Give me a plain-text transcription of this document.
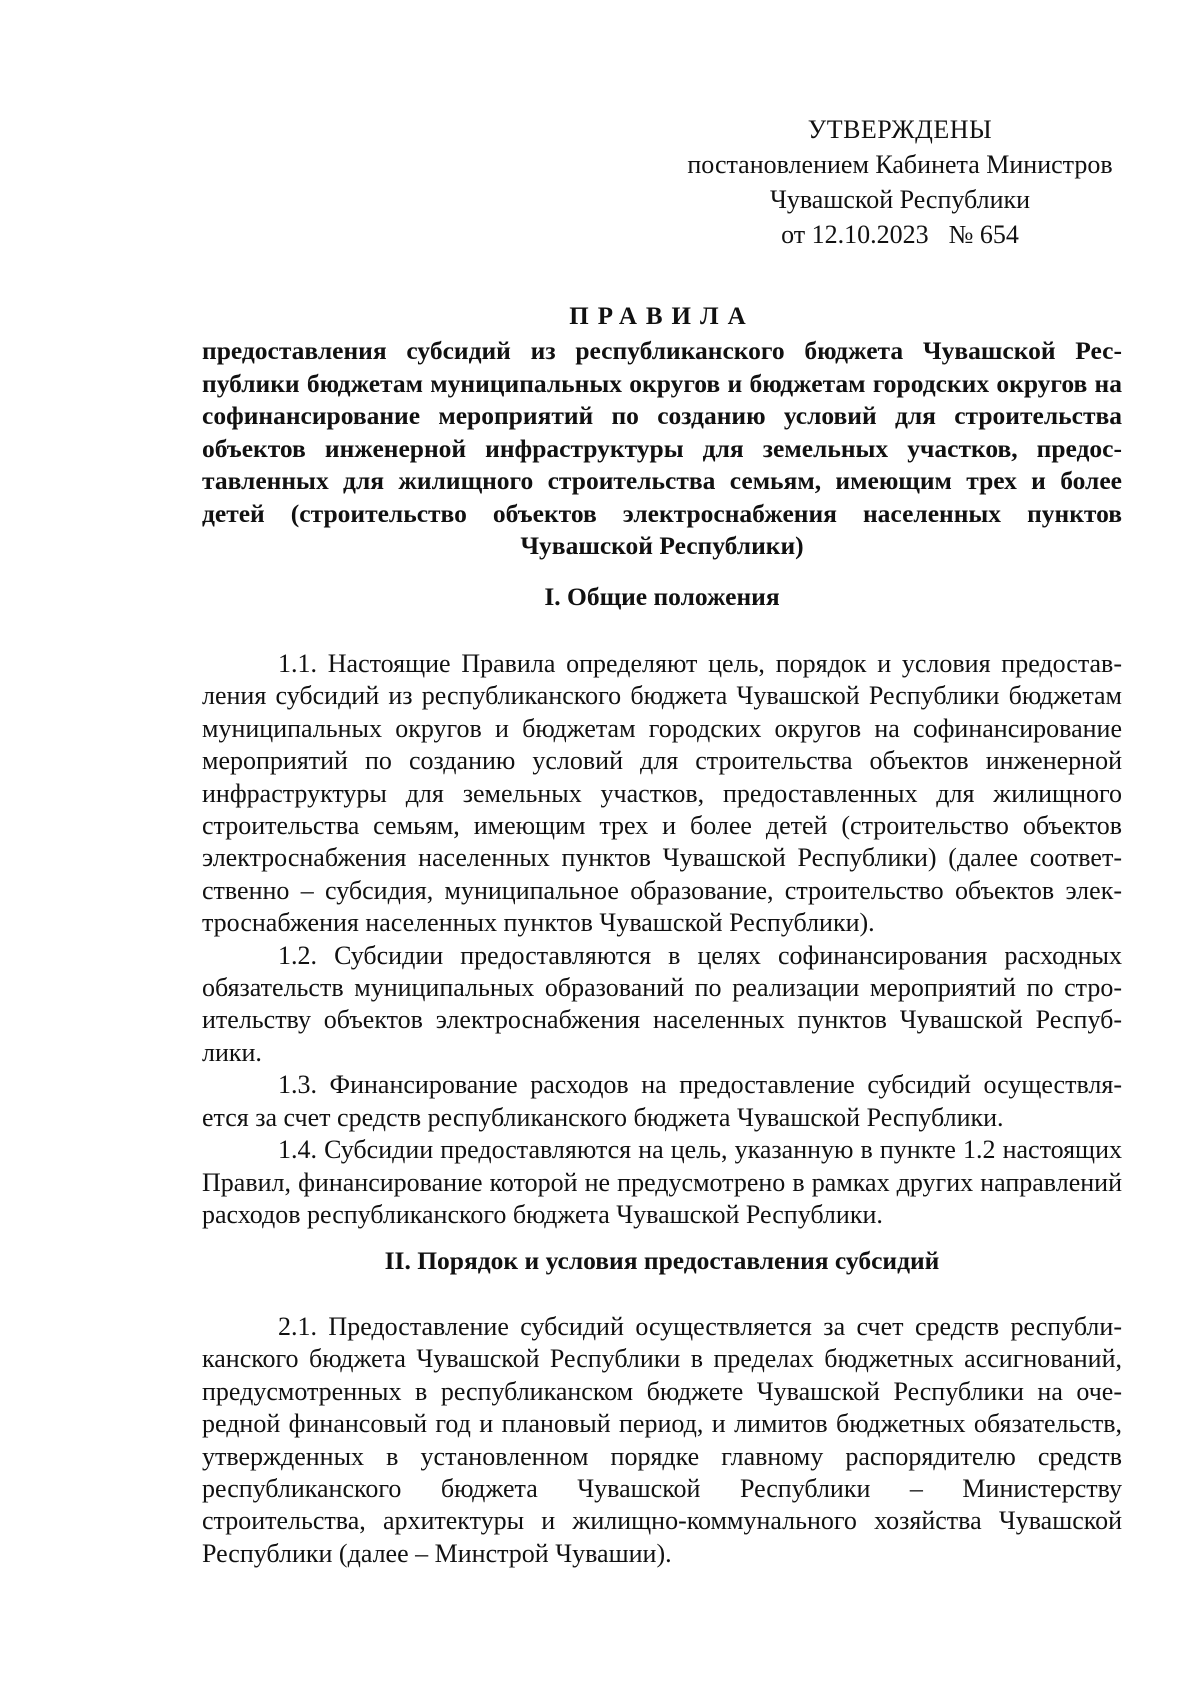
УТВЕРЖДЕНЫ
постановлением Кабинета Министров
Чувашской Республики
от 12.10.2023 № 654
ПРАВИЛА

предоставления субсидий из республиканского бюджета Чувашской Республики бюджетам муниципальных округов и бюджетам городских округов на софинансирование мероприятий по созданию условий для строительства объектов инженерной инфраструктуры для земельных участков, предоставленных для жилищного строительства семьям, имеющим трех и более детей (строительство объектов электроснабжения населенных пунктов Чувашской Республики)

I. Общие положения

1.1. Настоящие Правила определяют цель, порядок и условия предоставления субсидий из республиканского бюджета Чувашской Республики бюджетам муниципальных округов и бюджетам городских округов на софинансирование мероприятий по созданию условий для строительства объектов инженерной инфраструктуры для земельных участков, предоставленных для жилищного строительства семьям, имеющим трех и более детей (строительство объектов электроснабжения населенных пунктов Чувашской Республики) (далее соответственно – субсидия, муниципальное образование, строительство объектов электроснабжения населенных пунктов Чувашской Республики).

1.2. Субсидии предоставляются в целях софинансирования расходных обязательств муниципальных образований по реализации мероприятий по строительству объектов электроснабжения населенных пунктов Чувашской Республики.

1.3. Финансирование расходов на предоставление субсидий осуществляется за счет средств республиканского бюджета Чувашской Республики.

1.4. Субсидии предоставляются на цель, указанную в пункте 1.2 настоящих Правил, финансирование которой не предусмотрено в рамках других направлений расходов республиканского бюджета Чувашской Республики.

II. Порядок и условия предоставления субсидий

2.1. Предоставление субсидий осуществляется за счет средств республиканского бюджета Чувашской Республики в пределах бюджетных ассигнований, предусмотренных в республиканском бюджете Чувашской Республики на очередной финансовый год и плановый период, и лимитов бюджетных обязательств, утвержденных в установленном порядке главному распорядителю средств республиканского бюджета Чувашской Республики – Министерству строительства, архитектуры и жилищно-коммунального хозяйства Чувашской Республики (далее – Минстрой Чувашии).
